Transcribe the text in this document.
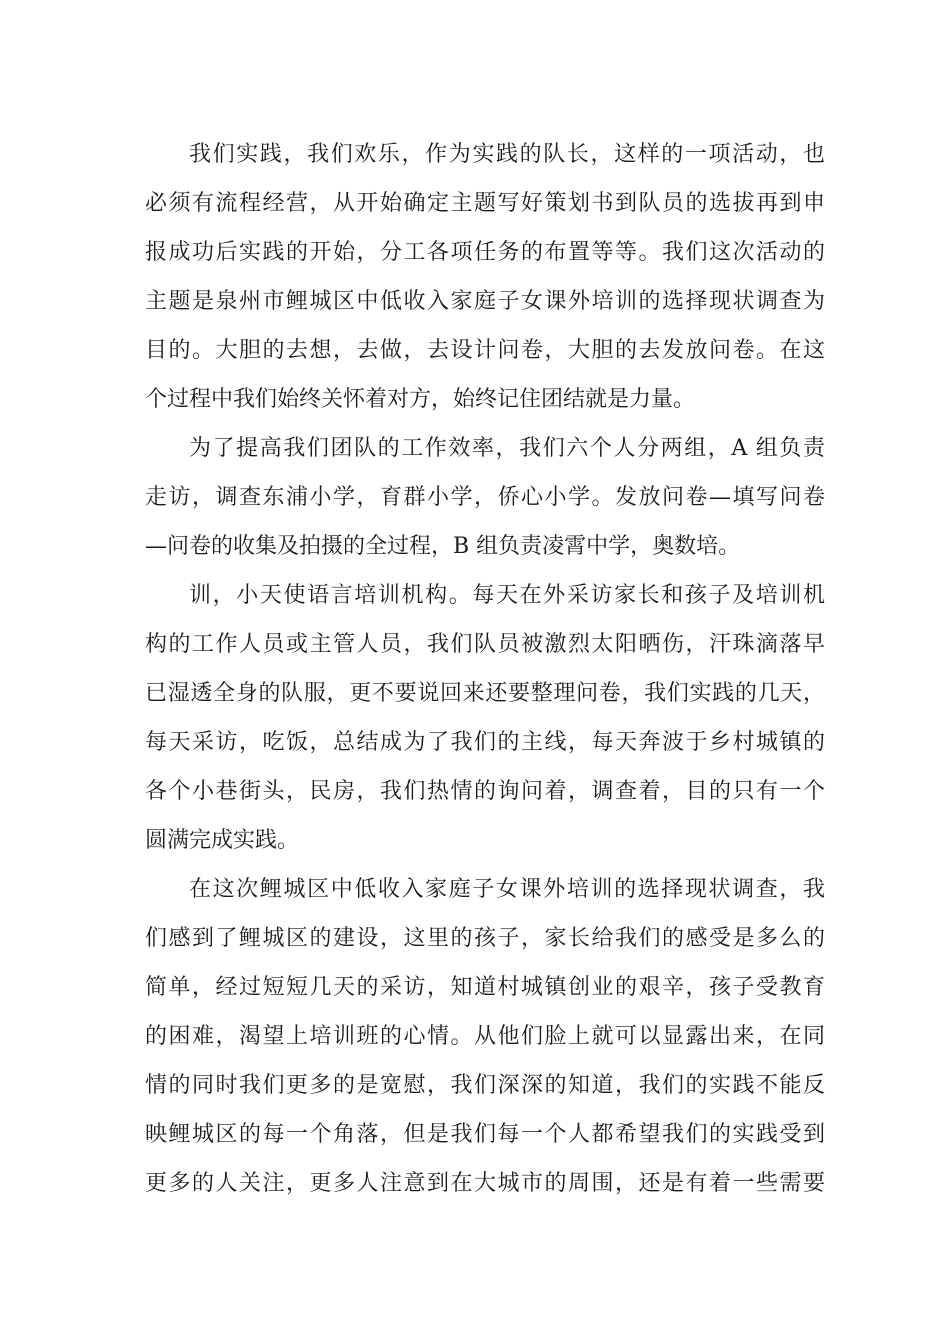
我们实践，我们欢乐，作为实践的队长，这样的一项活动，也
必须有流程经营，从开始确定主题写好策划书到队员的选拔再到申
报成功后实践的开始，分工各项任务的布置等等。我们这次活动的
主题是泉州市鲤城区中低收入家庭子女课外培训的选择现状调查为
目的。大胆的去想，去做，去设计问卷，大胆的去发放问卷。在这
个过程中我们始终关怀着对方，始终记住团结就是力量。
为了提高我们团队的工作效率，我们六个人分两组，A 组负责
走访，调查东浦小学，育群小学，侨心小学。发放问卷—填写问卷
—问卷的收集及拍摄的全过程，B 组负责凌霄中学，奥数培。
训，小天使语言培训机构。每天在外采访家长和孩子及培训机
构的工作人员或主管人员，我们队员被激烈太阳晒伤，汗珠滴落早
已湿透全身的队服，更不要说回来还要整理问卷，我们实践的几天，
每天采访，吃饭，总结成为了我们的主线，每天奔波于乡村城镇的
各个小巷街头，民房，我们热情的询问着，调查着，目的只有一个
圆满完成实践。
在这次鲤城区中低收入家庭子女课外培训的选择现状调查，我
们感到了鲤城区的建设，这里的孩子，家长给我们的感受是多么的
简单，经过短短几天的采访，知道村城镇创业的艰辛，孩子受教育
的困难，渴望上培训班的心情。从他们脸上就可以显露出来，在同
情的同时我们更多的是宽慰，我们深深的知道，我们的实践不能反
映鲤城区的每一个角落，但是我们每一个人都希望我们的实践受到
更多的人关注，更多人注意到在大城市的周围，还是有着一些需要
